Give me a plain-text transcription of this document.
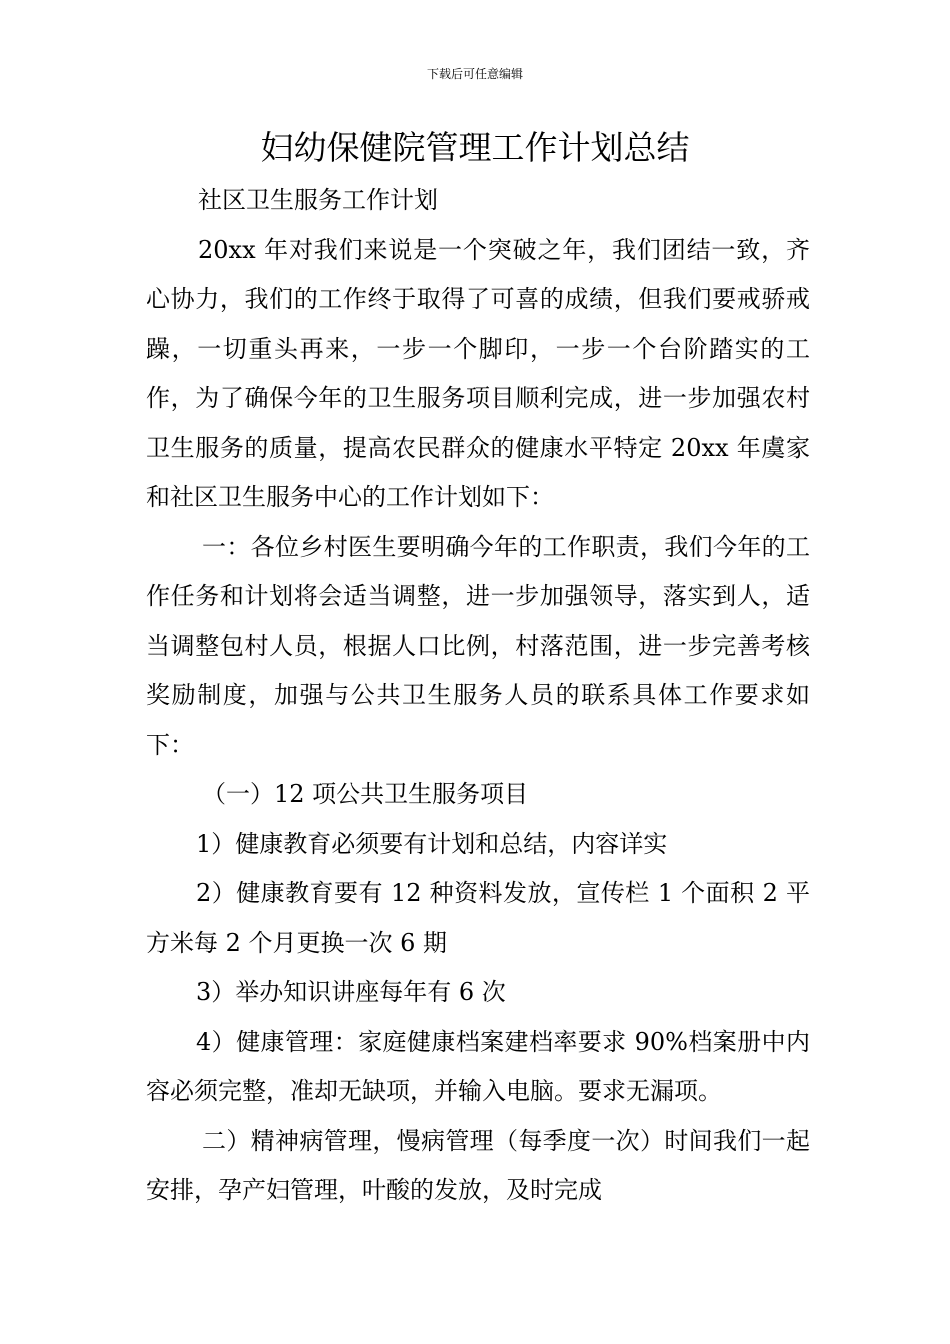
下载后可任意编辑
妇幼保健院管理工作计划总结

社区卫生服务工作计划

20xx 年对我们来说是一个突破之年，我们团结一致，齐心协力，我们的工作终于取得了可喜的成绩，但我们要戒骄戒躁，一切重头再来，一步一个脚印，一步一个台阶踏实的工作，为了确保今年的卫生服务项目顺利完成，进一步加强农村卫生服务的质量，提高农民群众的健康水平特定 20xx 年虞家和社区卫生服务中心的工作计划如下：

一：各位乡村医生要明确今年的工作职责，我们今年的工作任务和计划将会适当调整，进一步加强领导，落实到人，适当调整包村人员，根据人口比例，村落范围，进一步完善考核奖励制度，加强与公共卫生服务人员的联系具体工作要求如下：

（一）12 项公共卫生服务项目

1）健康教育必须要有计划和总结，内容详实

2）健康教育要有 12 种资料发放，宣传栏 1 个面积 2 平方米每 2 个月更换一次 6 期

3）举办知识讲座每年有 6 次

4）健康管理：家庭健康档案建档率要求 90%档案册中内容必须完整，准却无缺项，并输入电脑。要求无漏项。

二）精神病管理，慢病管理（每季度一次）时间我们一起安排，孕产妇管理，叶酸的发放，及时完成
